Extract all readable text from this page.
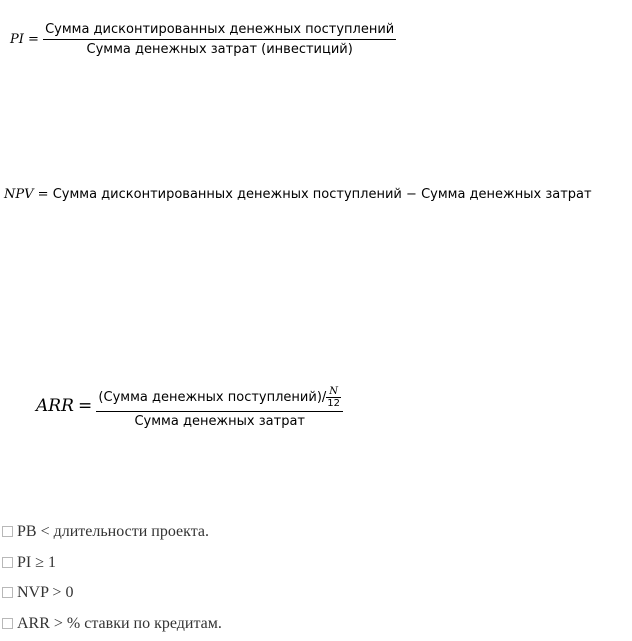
PI = $\frac{\text{Сумма дисконтированных денежных поступлений}}{\text{Сумма денежных затрат (инвестиций)}}$
NPV = Сумма дисконтированных денежных поступлений − Сумма денежных затрат
ARR = $\frac{(Сумма денежных поступлений)/ \frac{N}{12}}{\text{Сумма денежных затрат}}$
PB < длительности проекта.
PI ≥ 1
NVP > 0
ARR > % ставки по кредитам.
